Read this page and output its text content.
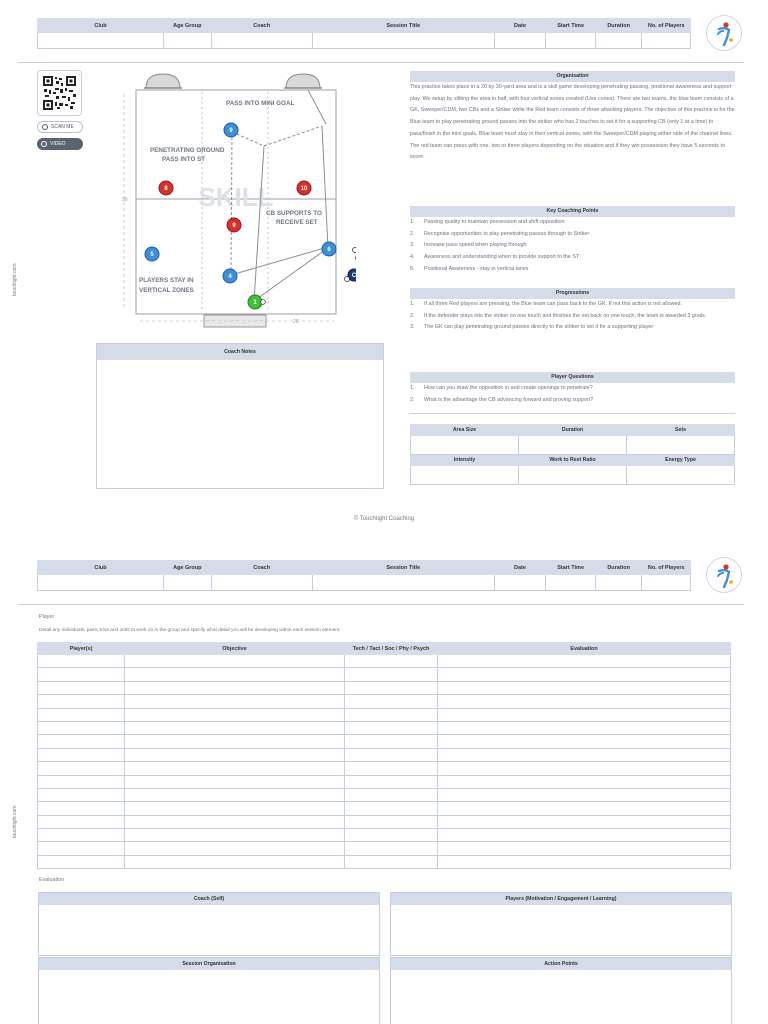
Club	Age Group	Coach	Session Title	Date	Start Time	Duration	No. of Players

touchtight.com
SCAN ME
VIDEO
30
20
SKILL
PASS INTO MINI GOAL
PENETRATING GROUND
PASS INTO ST
CB SUPPORTS TO
RECEIVE SET
PLAYERS STAY IN
VERTICAL ZONES
9
8	10
9
5
6
4
1
C
Organisation
This practice takes place in a 20 by 30-yard area and is a skill game developing penetrating passing, positional awareness and support play. We setup by slitting the area in half, with four vertical zones created (Use cones). There are two teams, the blue team consists of a GK, Sweeper/CDM, two CBs and a Striker while the Red team consists of three attacking players. The objective of this practice is for the Blue team to play penetrating ground passes into the striker who has 2 touches to set it for a supporting CB (only 1 at a time) to pass/finish in the mini goals. Blue team must stay in their vertical zones, with the Sweeper/CDM playing either side of the channel lines. The red team can press with one, two or three players depending on the situation and if they win possession they have 5 seconds to score.
Key Coaching Points
1.	Passing quality to maintain possession and shift opposition
2.	Recognise opportunities to play penetrating passes through to Striker
3.	Increase pass speed when playing through
4.	Awareness and understanding when to provide support to the ST
5.	Positional Awareness - stay in vertical lanes
Progressions
1.	If all three Red players are pressing, the Blue team can pass back to the GK. If not this action is not allowed.
2.	If the defender plays into the striker on one touch and finishes the set back on one touch, the team is awarded 3 goals.
3.	The GK can play penetrating ground passes directly to the striker to set it for a supporting player
Player Questions
1.	How can you draw the opposition in and create openings to penetrate?
2.	What is the advantage the CB advancing forward and proving support?
Area Size	Duration	Sets

Intensity	Work to Rest Ratio	Energy Type

Coach Notes
© Touchtight Coaching
Club	Age Group	Coach	Session Title	Date	Start Time	Duration	No. of Players

touchtight.com
Player
Detail any individuals, pairs, trios and units to work on in the group and specify what detail you will be developing within each session element.
Player(s)	Objective	Tech / Tact / Soc / Phy / Psych	Evaluation

Evaluation
Coach (Self)	Players (Motivation / Engagement / Learning)
Session Organisation	Action Points
